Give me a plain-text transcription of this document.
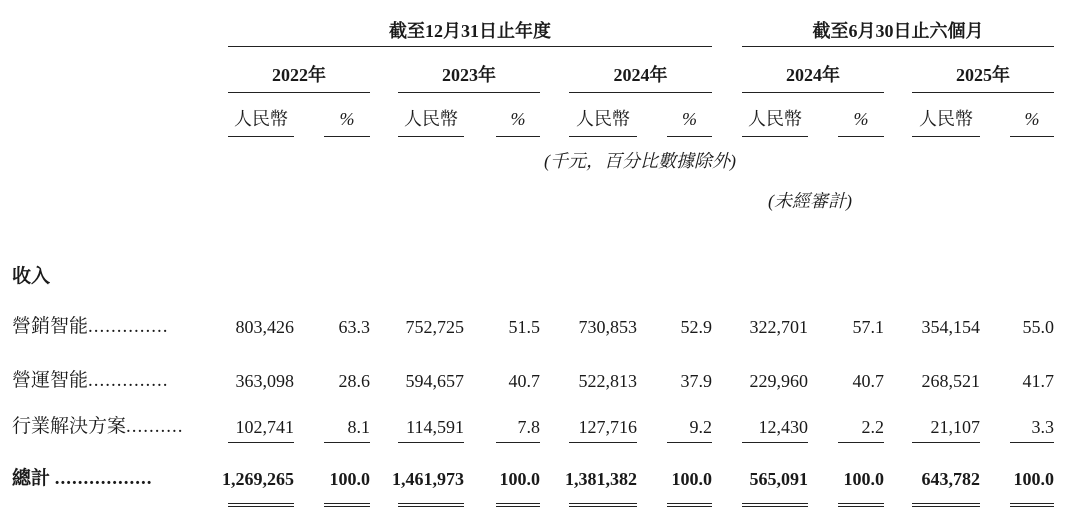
截至12月31日止年度	截至6月30日止六個月
2022年	2023年	2024年	2024年	2025年
人民幣	%	人民幣	%	人民幣	%	人民幣	%	人民幣	%
(千元，百分比數據除外)
(未經審計)
收入
營銷智能..............	803,426	63.3	752,725	51.5	730,853	52.9	322,701	57.1	354,154	55.0
營運智能..............	363,098	28.6	594,657	40.7	522,813	37.9	229,960	40.7	268,521	41.7
行業解決方案..........	102,741	8.1	114,591	7.8	127,716	9.2	12,430	2.2	21,107	3.3
總計 .................	1,269,265	100.0	1,461,973	100.0	1,381,382	100.0	565,091	100.0	643,782	100.0
